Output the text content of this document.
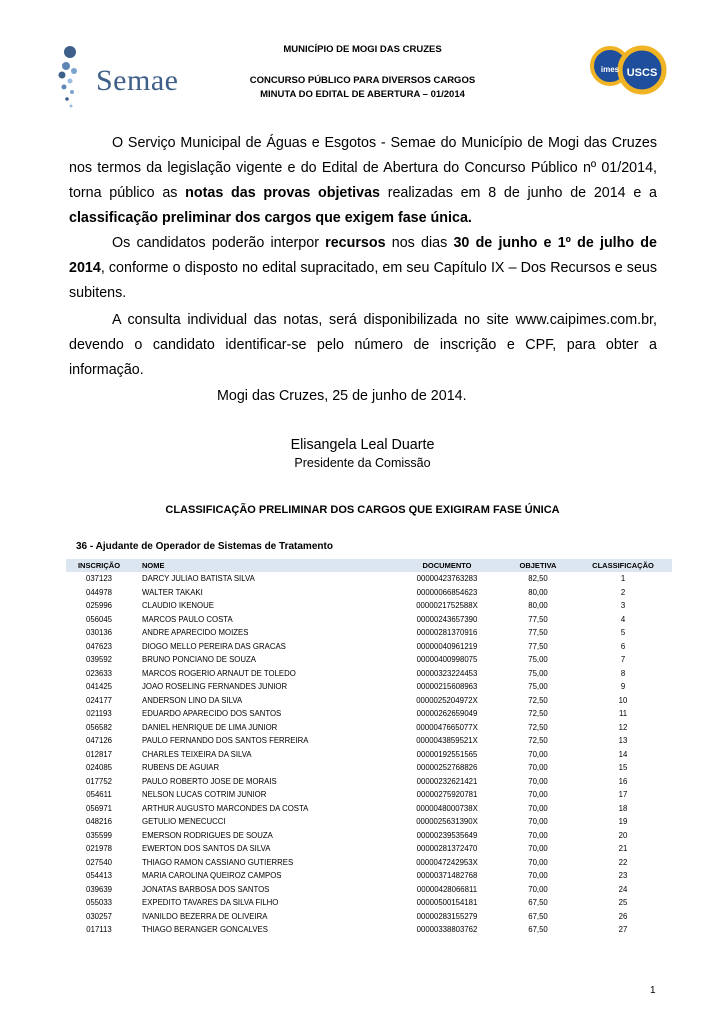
Semae	imes USCS
MUNICÍPIO DE MOGI DAS CRUZES
CONCURSO PÚBLICO PARA DIVERSOS CARGOS
MINUTA DO EDITAL DE ABERTURA – 01/2014
O Serviço Municipal de Águas e Esgotos - Semae do Município de Mogi das Cruzes nos termos da legislação vigente e do Edital de Abertura do Concurso Público nº 01/2014, torna público as notas das provas objetivas realizadas em 8 de junho de 2014 e a classificação preliminar dos cargos que exigem fase única.
Os candidatos poderão interpor recursos nos dias 30 de junho e 1º de julho de 2014, conforme o disposto no edital supracitado, em seu Capítulo IX – Dos Recursos e seus subitens.
A consulta individual das notas, será disponibilizada no site www.caipimes.com.br, devendo o candidato identificar-se pelo número de inscrição e CPF, para obter a informação.
Mogi das Cruzes, 25 de junho de 2014.
Elisangela Leal Duarte
Presidente da Comissão
CLASSIFICAÇÃO PRELIMINAR DOS CARGOS QUE EXIGIRAM FASE ÚNICA
36 - Ajudante de Operador de Sistemas de Tratamento
INSCRIÇÃO	NOME	DOCUMENTO	OBJETIVA	CLASSIFICAÇÃO
037123	DARCY JULIAO BATISTA SILVA	00000423763283	82,50	1
044978	WALTER TAKAKI	00000066854623	80,00	2
025996	CLAUDIO IKENOUE	0000021752588X	80,00	3
056045	MARCOS PAULO COSTA	00000243657390	77,50	4
030136	ANDRE APARECIDO MOIZES	00000281370916	77,50	5
047623	DIOGO MELLO PEREIRA DAS GRACAS	00000040961219	77,50	6
039592	BRUNO PONCIANO DE SOUZA	00000400998075	75,00	7
023633	MARCOS ROGERIO ARNAUT DE TOLEDO	00000323224453	75,00	8
041425	JOAO ROSELING FERNANDES JUNIOR	00000215608963	75,00	9
024177	ANDERSON LINO DA SILVA	0000025204972X	72,50	10
021193	EDUARDO APARECIDO DOS SANTOS	00000262659049	72,50	11
056582	DANIEL HENRIQUE DE LIMA JUNIOR	0000047665077X	72,50	12
047126	PAULO FERNANDO DOS SANTOS FERREIRA	0000043859521X	72,50	13
012817	CHARLES TEIXEIRA DA SILVA	00000192551565	70,00	14
024085	RUBENS DE AGUIAR	00000252768826	70,00	15
017752	PAULO ROBERTO JOSE DE MORAIS	00000232621421	70,00	16
054611	NELSON LUCAS COTRIM JUNIOR	00000275920781	70,00	17
056971	ARTHUR AUGUSTO MARCONDES DA COSTA	0000048000738X	70,00	18
048216	GETULIO MENECUCCI	0000025631390X	70,00	19
035599	EMERSON RODRIGUES DE SOUZA	00000239535649	70,00	20
021978	EWERTON DOS SANTOS DA SILVA	00000281372470	70,00	21
027540	THIAGO RAMON CASSIANO GUTIERRES	0000047242953X	70,00	22
054413	MARIA CAROLINA QUEIROZ CAMPOS	00000371482768	70,00	23
039639	JONATAS BARBOSA DOS SANTOS	00000428066811	70,00	24
055033	EXPEDITO TAVARES DA SILVA FILHO	00000500154181	67,50	25
030257	IVANILDO BEZERRA DE OLIVEIRA	00000283155279	67,50	26
017113	THIAGO BERANGER GONCALVES	00000338803762	67,50	27
1
